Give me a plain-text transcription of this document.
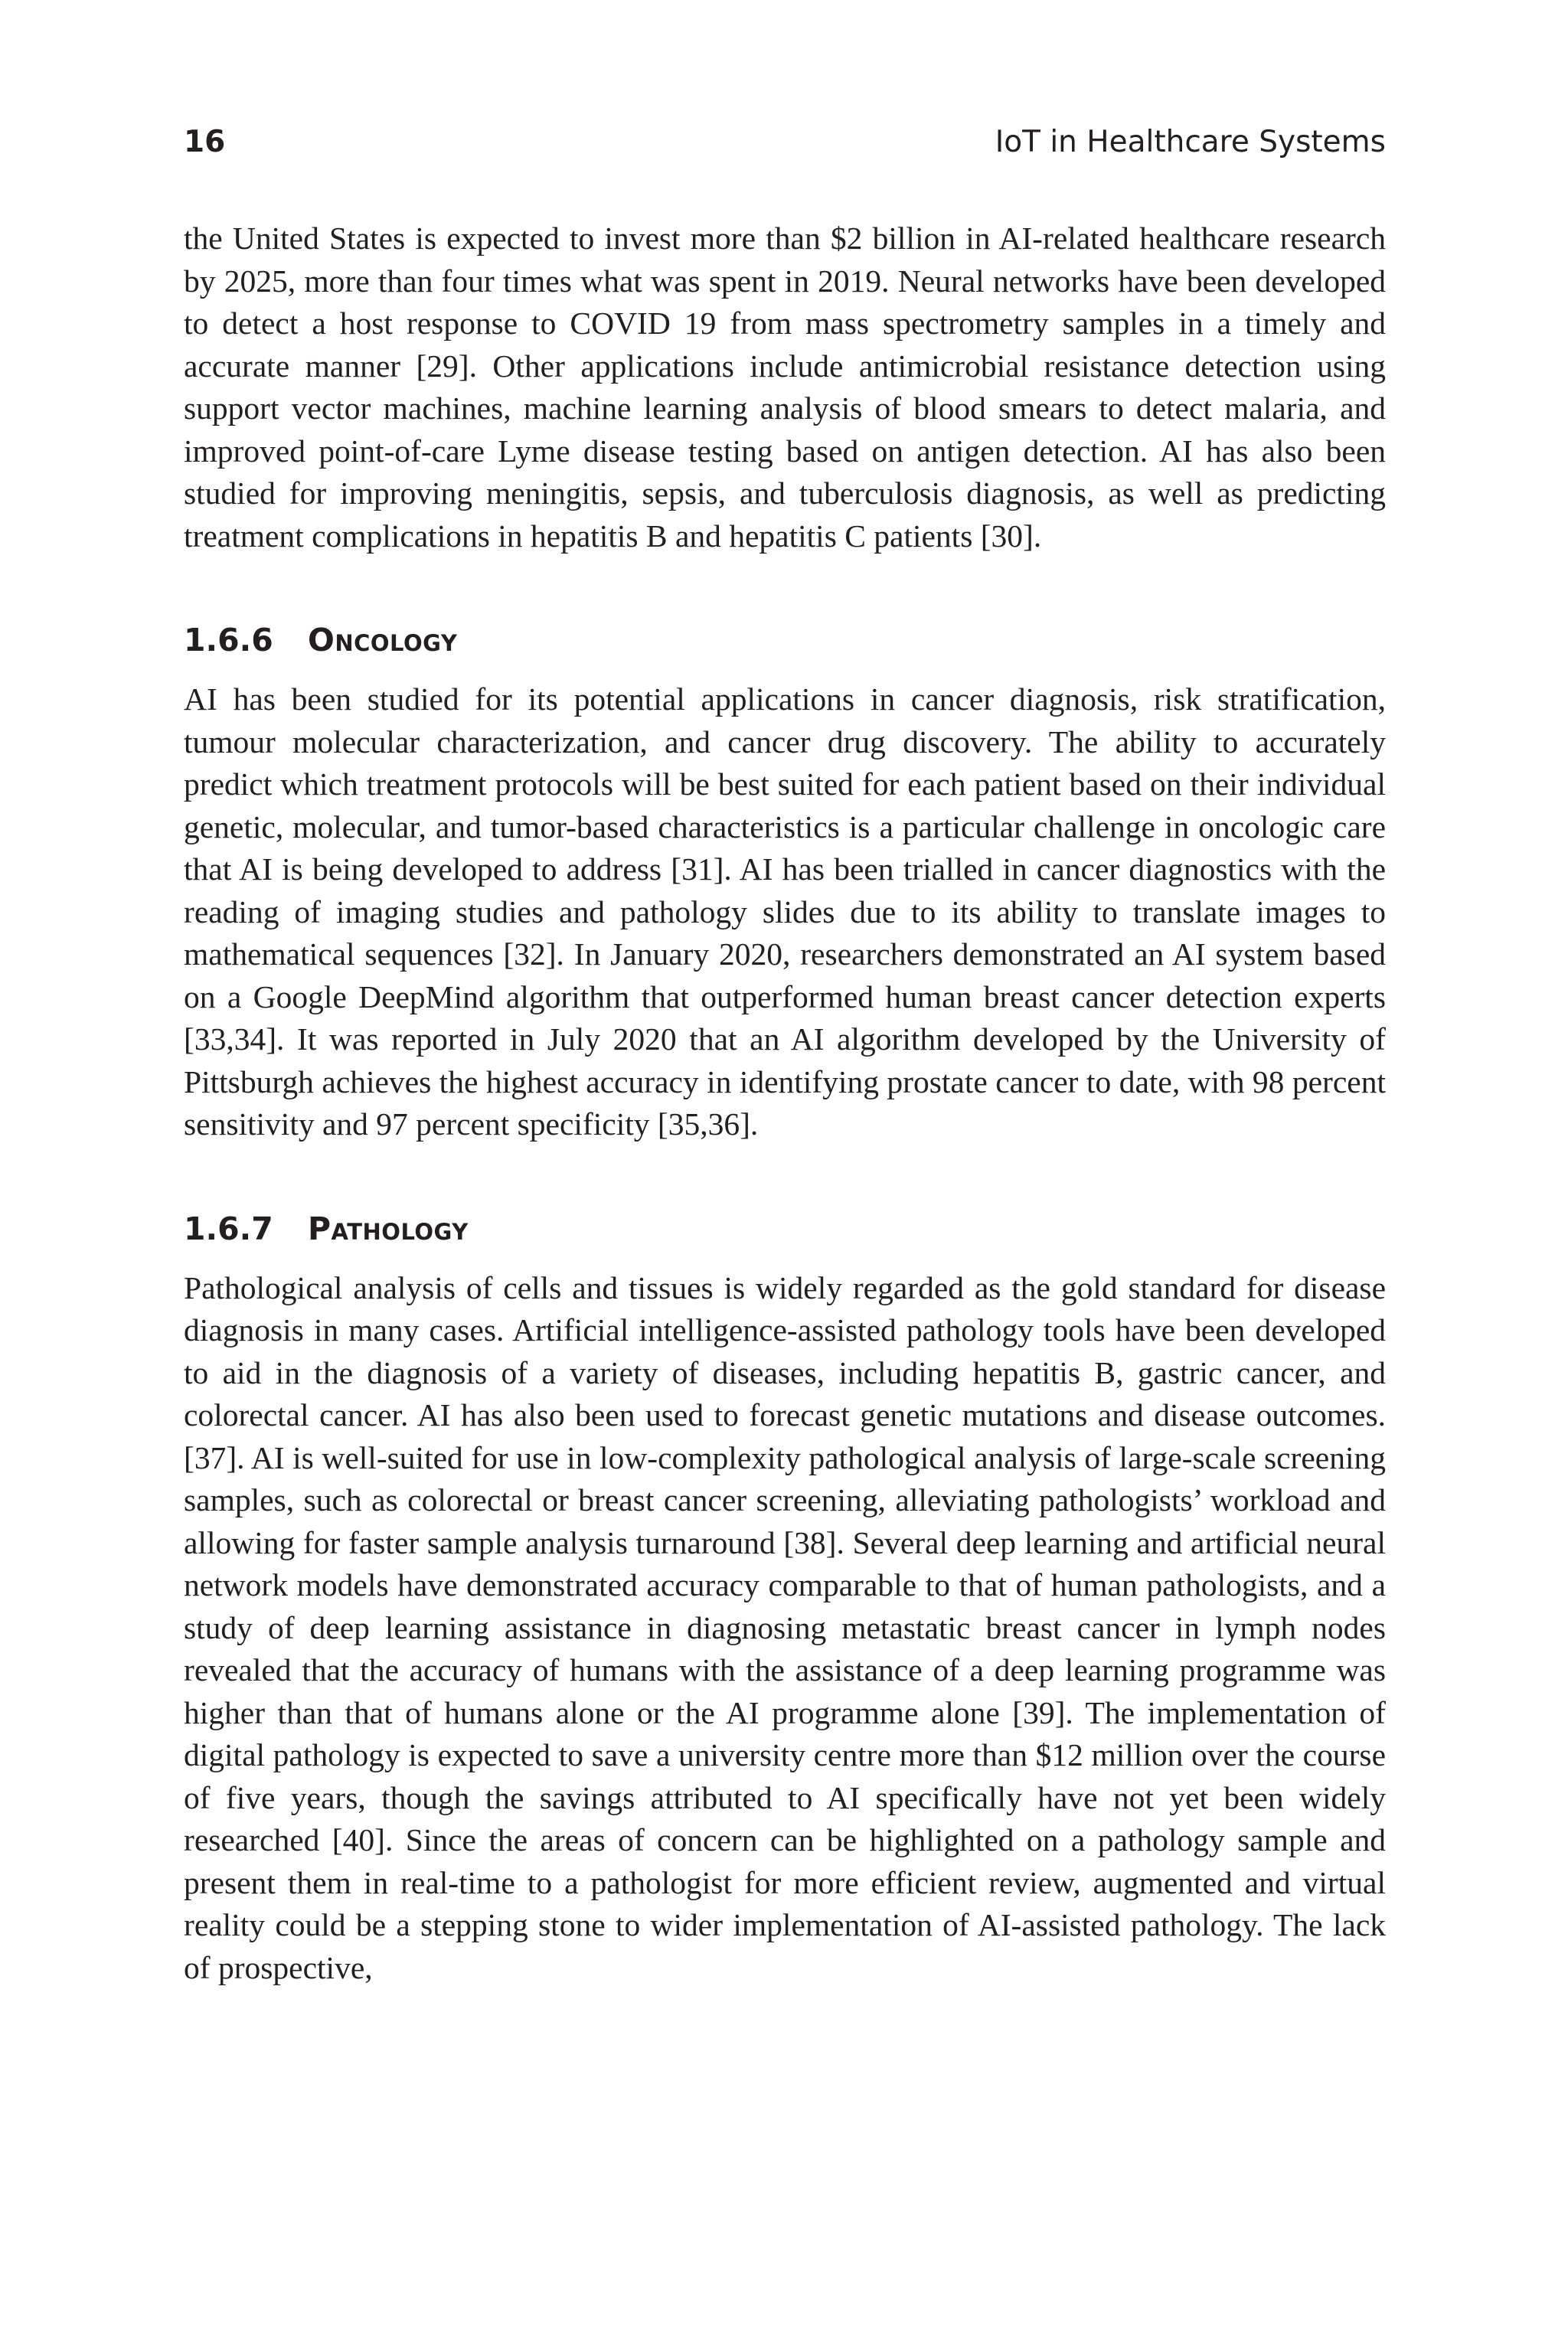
16	IoT in Healthcare Systems

the United States is expected to invest more than $2 billion in AI-related healthcare research by 2025, more than four times what was spent in 2019. Neural networks have been developed to detect a host response to COVID 19 from mass spectrometry samples in a timely and accurate manner [29]. Other applications include antimicrobial resistance detection using support vector machines, machine learning analysis of blood smears to detect malaria, and improved point-of-care Lyme disease testing based on antigen detection. AI has also been studied for improving meningitis, sepsis, and tuberculosis diagnosis, as well as predicting treatment complications in hepatitis B and hepatitis C patients [30].

1.6.6 Oncology

AI has been studied for its potential applications in cancer diagnosis, risk stratification, tumour molecular characterization, and cancer drug discovery. The ability to accurately predict which treatment protocols will be best suited for each patient based on their individual genetic, molecular, and tumor-based characteristics is a particular challenge in oncologic care that AI is being developed to address [31]. AI has been trialled in cancer diagnostics with the reading of imaging studies and pathology slides due to its ability to translate images to mathematical sequences [32]. In January 2020, researchers demonstrated an AI system based on a Google DeepMind algorithm that outperformed human breast cancer detection experts [33,34]. It was reported in July 2020 that an AI algorithm developed by the University of Pittsburgh achieves the highest accuracy in identifying prostate cancer to date, with 98 percent sensitivity and 97 percent specificity [35,36].

1.6.7 Pathology

Pathological analysis of cells and tissues is widely regarded as the gold standard for disease diagnosis in many cases. Artificial intelligence-assisted pathology tools have been developed to aid in the diagnosis of a variety of diseases, including hepatitis B, gastric cancer, and colorectal cancer. AI has also been used to forecast genetic mutations and disease outcomes. [37]. AI is well-suited for use in low-complexity pathological analysis of large-scale screening samples, such as colorectal or breast cancer screening, alleviating pathologists’ workload and allowing for faster sample analysis turnaround [38]. Several deep learning and artificial neural network models have demonstrated accuracy comparable to that of human pathologists, and a study of deep learning assistance in diagnosing metastatic breast cancer in lymph nodes revealed that the accuracy of humans with the assistance of a deep learning programme was higher than that of humans alone or the AI programme alone [39]. The implementation of digital pathology is expected to save a university centre more than $12 million over the course of five years, though the savings attributed to AI specifically have not yet been widely researched [40]. Since the areas of concern can be highlighted on a pathology sample and present them in real-time to a pathologist for more efficient review, augmented and virtual reality could be a stepping stone to wider implementation of AI-assisted pathology. The lack of prospective,
